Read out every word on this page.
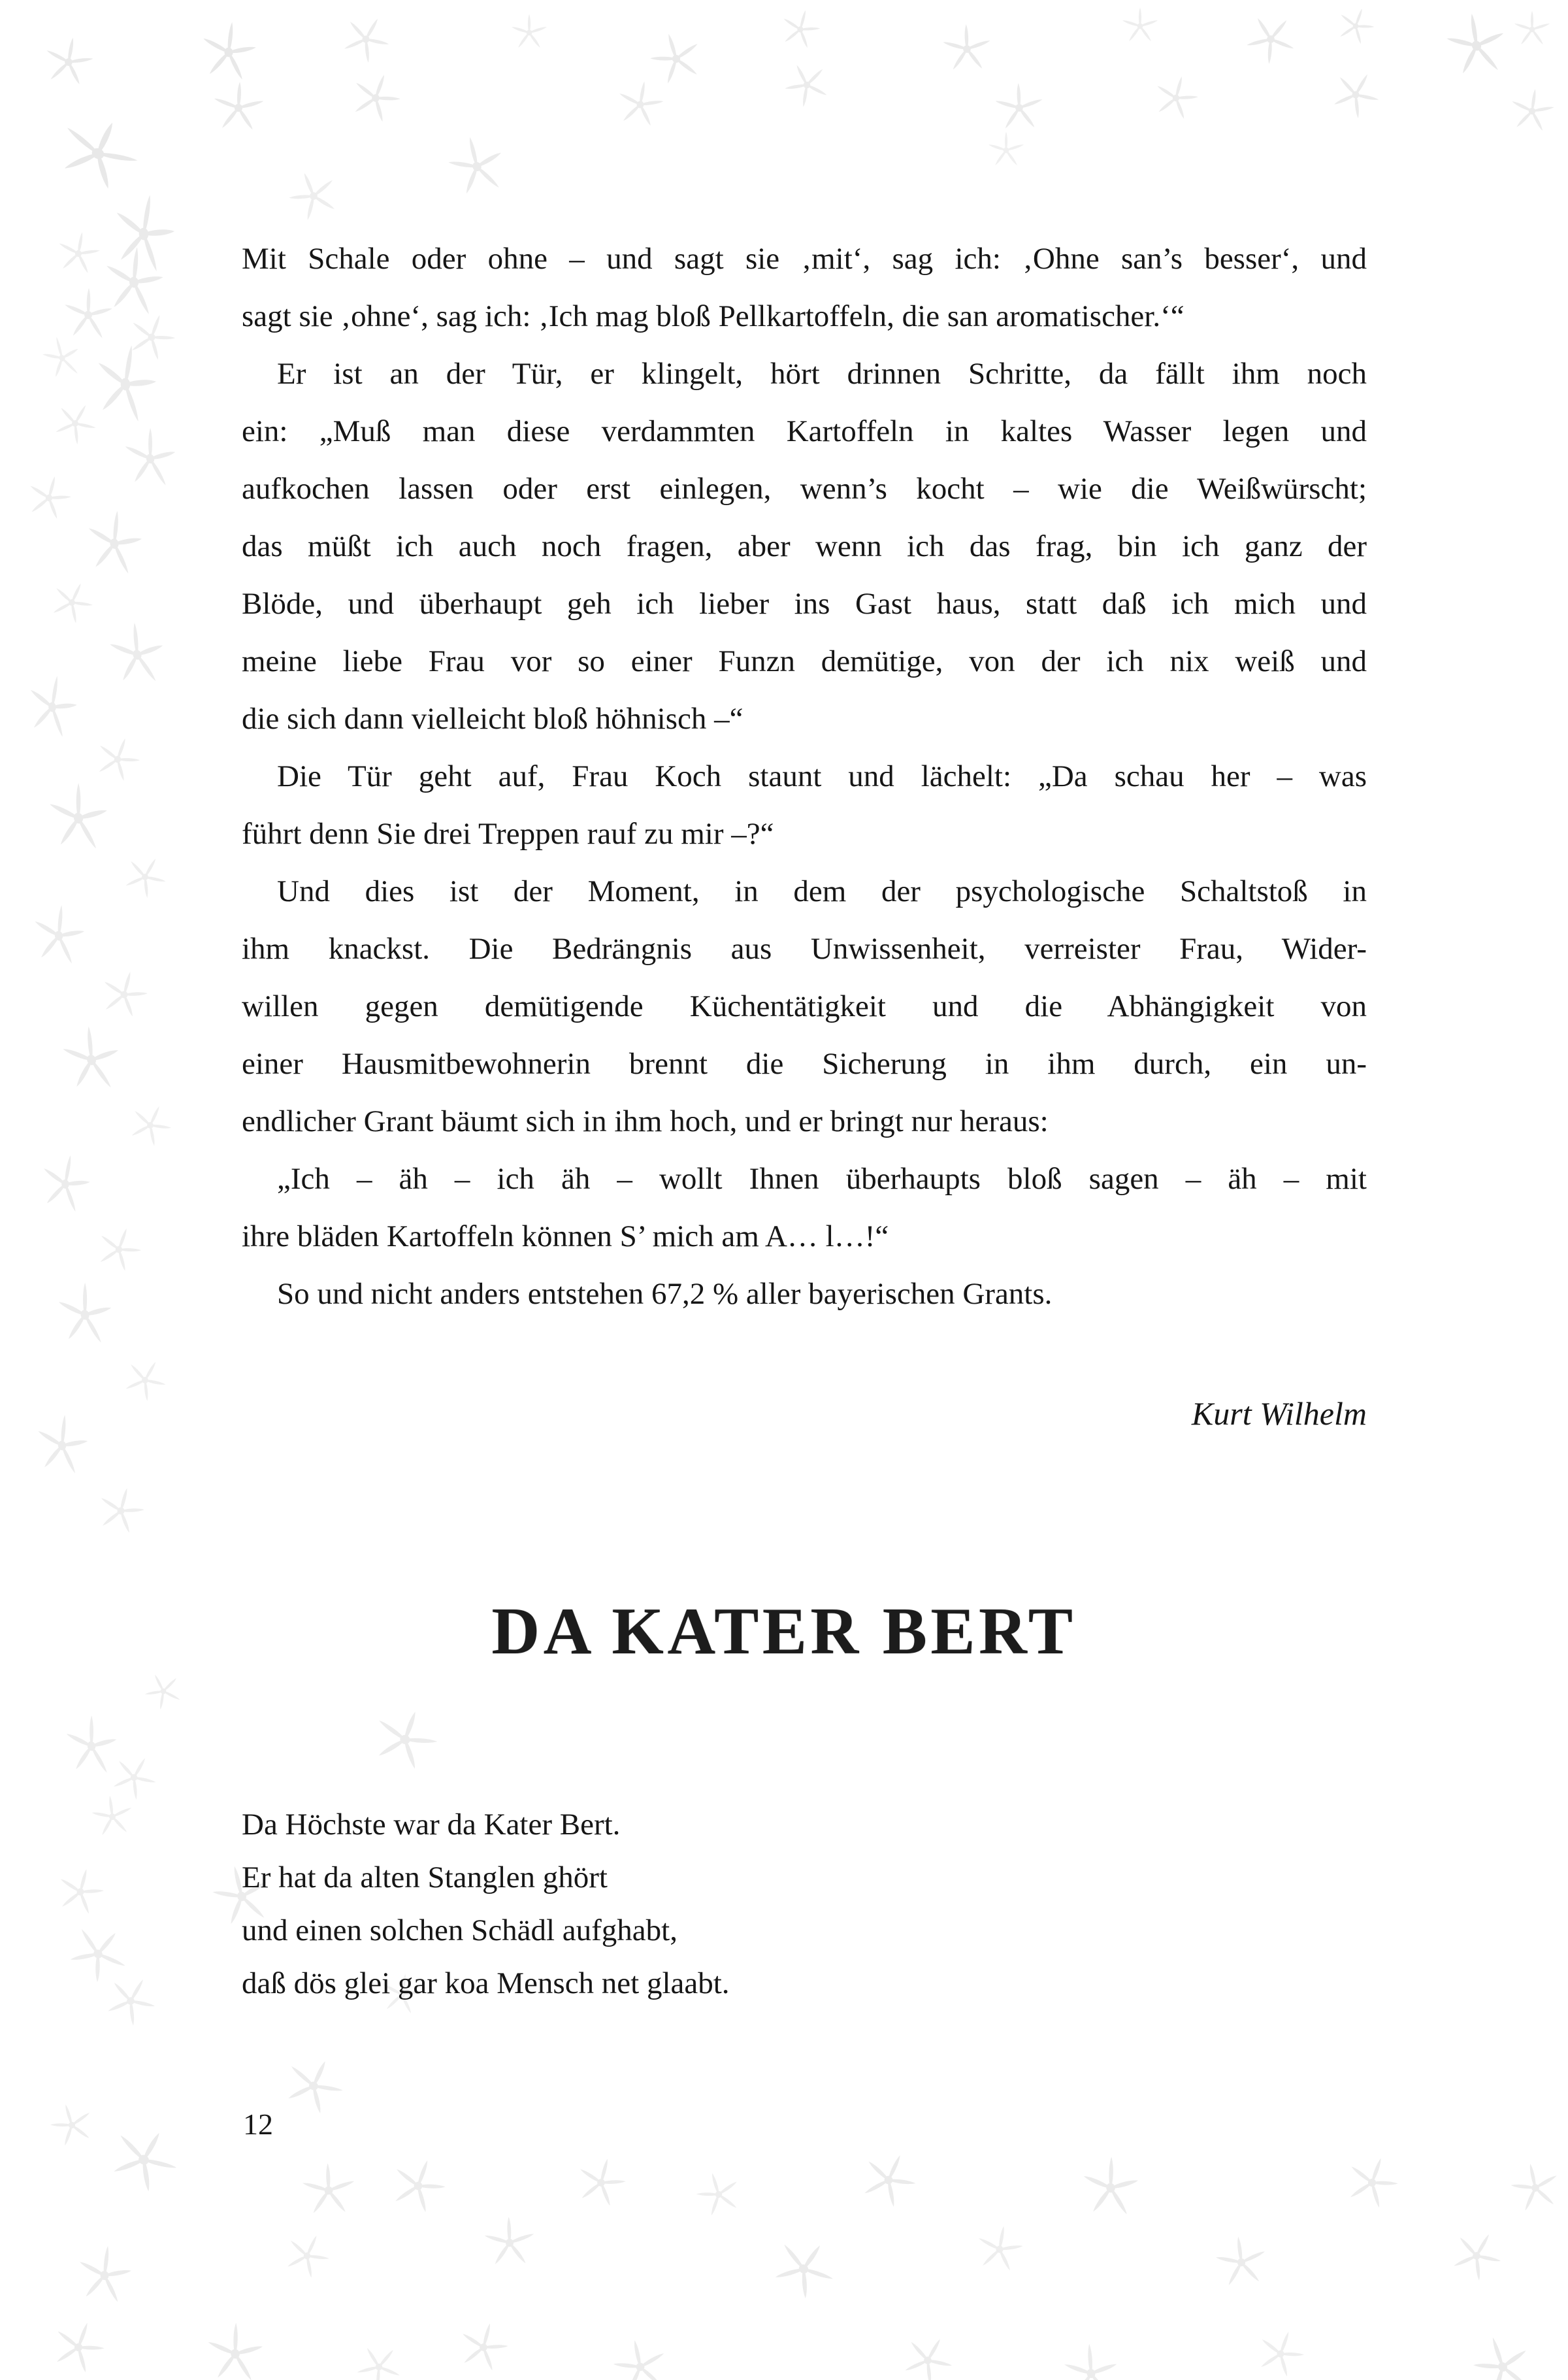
Mit Schale oder ohne – und sagt sie ‚mit‘, sag ich: ‚Ohne san’s besser‘, und
sagt sie ‚ohne‘, sag ich: ‚Ich mag bloß Pellkartoffeln, die san aromatischer.‘“
Er ist an der Tür, er klingelt, hört drinnen Schritte, da fällt ihm noch
ein: „Muß man diese verdammten Kartoffeln in kaltes Wasser legen und
aufkochen lassen oder erst einlegen, wenn’s kocht – wie die Weißwürscht;
das müßt ich auch noch fragen, aber wenn ich das frag, bin ich ganz der
Blöde, und überhaupt geh ich lieber ins Gast haus, statt daß ich mich und
meine liebe Frau vor so einer Funzn demütige, von der ich nix weiß und
die sich dann vielleicht bloß höhnisch –“
Die Tür geht auf, Frau Koch staunt und lächelt: „Da schau her – was
führt denn Sie drei Treppen rauf zu mir –?“
Und dies ist der Moment, in dem der psychologische Schaltstoß in
ihm knackst. Die Bedrängnis aus Unwissenheit, verreister Frau, Wider-
willen gegen demütigende Küchentätigkeit und die Abhängigkeit von
einer Hausmitbewohnerin brennt die Sicherung in ihm durch, ein un-
endlicher Grant bäumt sich in ihm hoch, und er bringt nur heraus:
„Ich – äh – ich äh – wollt Ihnen überhaupts bloß sagen – äh – mit
ihre bläden Kartoffeln können S’ mich am A… l…!“
So und nicht anders entstehen 67,2 % aller bayerischen Grants.
Kurt Wilhelm
DA KATER BERT
Da Höchste war da Kater Bert.
Er hat da alten Stanglen ghört
und einen solchen Schädl aufghabt,
daß dös glei gar koa Mensch net glaabt.
12
